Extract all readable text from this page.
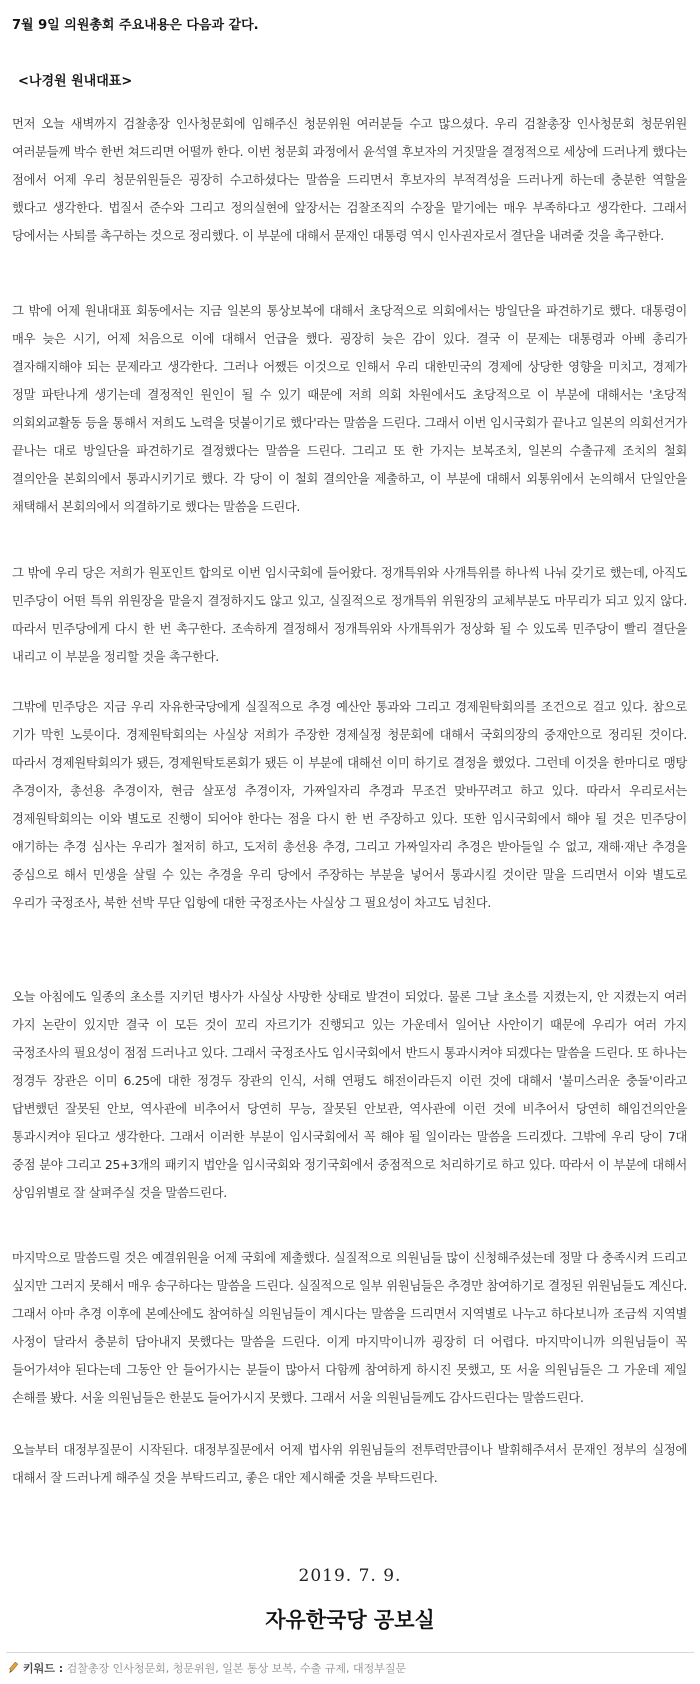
7월 9일 의원총회 주요내용은 다음과 같다.

<나경원 원내대표>

먼저 오늘 새벽까지 검찰총장 인사청문회에 임해주신 청문위원 여러분들 수고 많으셨다. 우리 검찰총장 인사청문회 청문위원 여러분들께 박수 한번 쳐드리면 어떨까 한다. 이번 청문회 과정에서 윤석열 후보자의 거짓말을 결정적으로 세상에 드러나게 했다는 점에서 어제 우리 청문위원들은 굉장히 수고하셨다는 말씀을 드리면서 후보자의 부적격성을 드러나게 하는데 충분한 역할을 했다고 생각한다. 법질서 준수와 그리고 정의실현에 앞장서는 검찰조직의 수장을 맡기에는 매우 부족하다고 생각한다. 그래서 당에서는 사퇴를 촉구하는 것으로 정리했다. 이 부분에 대해서 문재인 대통령 역시 인사권자로서 결단을 내려줄 것을 촉구한다.

그 밖에 어제 원내대표 회동에서는 지금 일본의 통상보복에 대해서 초당적으로 의회에서는 방일단을 파견하기로 했다. 대통령이 매우 늦은 시기, 어제 처음으로 이에 대해서 언급을 했다. 굉장히 늦은 감이 있다. 결국 이 문제는 대통령과 아베 총리가 결자해지해야 되는 문제라고 생각한다. 그러나 어쨌든 이것으로 인해서 우리 대한민국의 경제에 상당한 영향을 미치고, 경제가 정말 파탄나게 생기는데 결정적인 원인이 될 수 있기 때문에 저희 의회 차원에서도 초당적으로 이 부분에 대해서는 '초당적 의회외교활동 등을 통해서 저희도 노력을 덧붙이기로 했다'라는 말씀을 드린다. 그래서 이번 임시국회가 끝나고 일본의 의회선거가 끝나는 대로 방일단을 파견하기로 결정했다는 말씀을 드린다. 그리고 또 한 가지는 보복조치, 일본의 수출규제 조치의 철회 결의안을 본회의에서 통과시키기로 했다. 각 당이 이 철회 결의안을 제출하고, 이 부분에 대해서 외통위에서 논의해서 단일안을 채택해서 본회의에서 의결하기로 했다는 말씀을 드린다.

그 밖에 우리 당은 저희가 원포인트 합의로 이번 임시국회에 들어왔다. 정개특위와 사개특위를 하나씩 나눠 갖기로 했는데, 아직도 민주당이 어떤 특위 위원장을 맡을지 결정하지도 않고 있고, 실질적으로 정개특위 위원장의 교체부분도 마무리가 되고 있지 않다. 따라서 민주당에게 다시 한 번 촉구한다. 조속하게 결정해서 정개특위와 사개특위가 정상화 될 수 있도록 민주당이 빨리 결단을 내리고 이 부분을 정리할 것을 촉구한다.

그밖에 민주당은 지금 우리 자유한국당에게 실질적으로 추경 예산안 통과와 그리고 경제원탁회의를 조건으로 걸고 있다. 참으로 기가 막힌 노릇이다. 경제원탁회의는 사실상 저희가 주장한 경제실정 청문회에 대해서 국회의장의 중재안으로 정리된 것이다. 따라서 경제원탁회의가 됐든, 경제원탁토론회가 됐든 이 부분에 대해선 이미 하기로 결정을 했었다. 그런데 이것을 한마디로 맹탕 추경이자, 총선용 추경이자, 현금 살포성 추경이자, 가짜일자리 추경과 무조건 맞바꾸려고 하고 있다. 따라서 우리로서는 경제원탁회의는 이와 별도로 진행이 되어야 한다는 점을 다시 한 번 주장하고 있다. 또한 임시국회에서 해야 될 것은 민주당이 얘기하는 추경 심사는 우리가 철저히 하고, 도저히 총선용 추경, 그리고 가짜일자리 추경은 받아들일 수 없고, 재해·재난 추경을 중심으로 해서 민생을 살릴 수 있는 추경을 우리 당에서 주장하는 부분을 넣어서 통과시킬 것이란 말을 드리면서 이와 별도로 우리가 국정조사, 북한 선박 무단 입항에 대한 국정조사는 사실상 그 필요성이 차고도 넘친다.

오늘 아침에도 일종의 초소를 지키던 병사가 사실상 사망한 상태로 발견이 되었다. 물론 그날 초소를 지켰는지, 안 지켰는지 여러 가지 논란이 있지만 결국 이 모든 것이 꼬리 자르기가 진행되고 있는 가운데서 일어난 사안이기 때문에 우리가 여러 가지 국정조사의 필요성이 점점 드러나고 있다. 그래서 국정조사도 임시국회에서 반드시 통과시켜야 되겠다는 말씀을 드린다. 또 하나는 정경두 장관은 이미 6.25에 대한 정경두 장관의 인식, 서해 연평도 해전이라든지 이런 것에 대해서 '불미스러운 충돌'이라고 답변했던 잘못된 안보, 역사관에 비추어서 당연히 무능, 잘못된 안보관, 역사관에 이런 것에 비추어서 당연히 해임건의안을 통과시켜야 된다고 생각한다. 그래서 이러한 부분이 임시국회에서 꼭 해야 될 일이라는 말씀을 드리겠다. 그밖에 우리 당이 7대 중점 분야 그리고 25+3개의 패키지 법안을 임시국회와 정기국회에서 중점적으로 처리하기로 하고 있다. 따라서 이 부분에 대해서 상임위별로 잘 살펴주실 것을 말씀드린다.

마지막으로 말씀드릴 것은 예결위원을 어제 국회에 제출했다. 실질적으로 의원님들 많이 신청해주셨는데 정말 다 충족시켜 드리고 싶지만 그러지 못해서 매우 송구하다는 말씀을 드린다. 실질적으로 일부 위원님들은 추경만 참여하기로 결정된 위원님들도 계신다. 그래서 아마 추경 이후에 본예산에도 참여하실 의원님들이 계시다는 말씀을 드리면서 지역별로 나누고 하다보니까 조금씩 지역별 사정이 달라서 충분히 담아내지 못했다는 말씀을 드린다. 이게 마지막이니까 굉장히 더 어렵다. 마지막이니까 의원님들이 꼭 들어가셔야 된다는데 그동안 안 들어가시는 분들이 많아서 다함께 참여하게 하시진 못했고, 또 서울 의원님들은 그 가운데 제일 손해를 봤다. 서울 의원님들은 한분도 들어가시지 못했다. 그래서 서울 의원님들께도 감사드린다는 말씀드린다.

오늘부터 대정부질문이 시작된다. 대정부질문에서 어제 법사위 위원님들의 전투력만큼이나 발휘해주셔서 문재인 정부의 실정에 대해서 잘 드러나게 해주실 것을 부탁드리고, 좋은 대안 제시해줄 것을 부탁드린다.

2019. 7. 9.

자유한국당 공보실

키워드 : 검찰총장 인사청문회, 청문위원, 일본 통상 보복, 수출 규제, 대정부질문
